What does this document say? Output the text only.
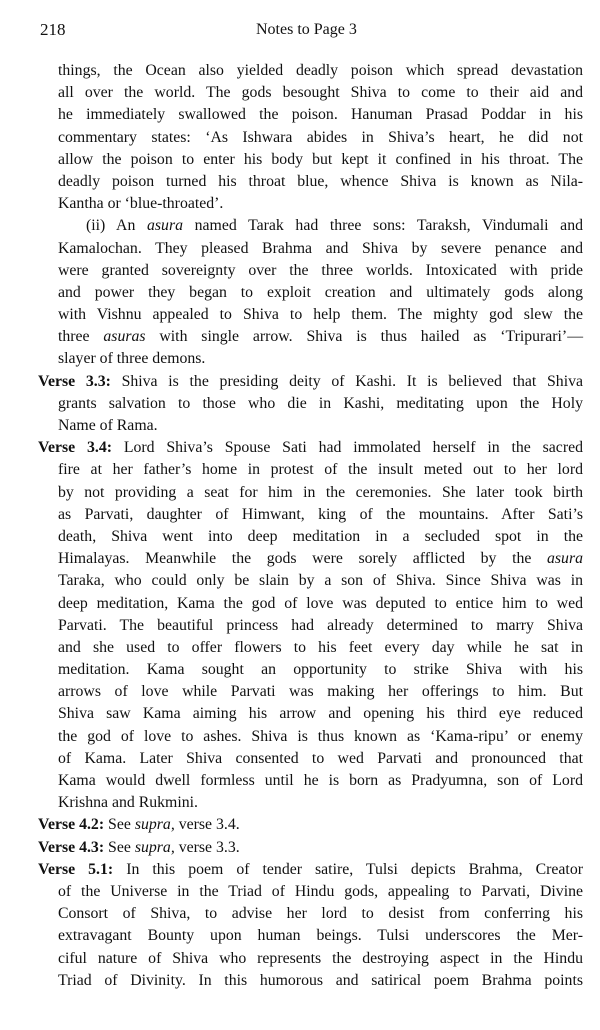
218	Notes to Page 3
things, the Ocean also yielded deadly poison which spread devastation
all over the world. The gods besought Shiva to come to their aid and
he immediately swallowed the poison. Hanuman Prasad Poddar in his
commentary states: ‘As Ishwara abides in Shiva’s heart, he did not
allow the poison to enter his body but kept it confined in his throat. The
deadly poison turned his throat blue, whence Shiva is known as Nila-
Kantha or ‘blue-throated’.
(ii) An asura named Tarak had three sons: Taraksh, Vindumali and
Kamalochan. They pleased Brahma and Shiva by severe penance and
were granted sovereignty over the three worlds. Intoxicated with pride
and power they began to exploit creation and ultimately gods along
with Vishnu appealed to Shiva to help them. The mighty god slew the
three asuras with single arrow. Shiva is thus hailed as ‘Tripurari’—
slayer of three demons.
Verse 3.3: Shiva is the presiding deity of Kashi. It is believed that Shiva
grants salvation to those who die in Kashi, meditating upon the Holy
Name of Rama.
Verse 3.4: Lord Shiva’s Spouse Sati had immolated herself in the sacred
fire at her father’s home in protest of the insult meted out to her lord
by not providing a seat for him in the ceremonies. She later took birth
as Parvati, daughter of Himwant, king of the mountains. After Sati’s
death, Shiva went into deep meditation in a secluded spot in the
Himalayas. Meanwhile the gods were sorely afflicted by the asura
Taraka, who could only be slain by a son of Shiva. Since Shiva was in
deep meditation, Kama the god of love was deputed to entice him to wed
Parvati. The beautiful princess had already determined to marry Shiva
and she used to offer flowers to his feet every day while he sat in
meditation. Kama sought an opportunity to strike Shiva with his
arrows of love while Parvati was making her offerings to him. But
Shiva saw Kama aiming his arrow and opening his third eye reduced
the god of love to ashes. Shiva is thus known as ‘Kama-ripu’ or enemy
of Kama. Later Shiva consented to wed Parvati and pronounced that
Kama would dwell formless until he is born as Pradyumna, son of Lord
Krishna and Rukmini.
Verse 4.2: See supra, verse 3.4.
Verse 4.3: See supra, verse 3.3.
Verse 5.1: In this poem of tender satire, Tulsi depicts Brahma, Creator
of the Universe in the Triad of Hindu gods, appealing to Parvati, Divine
Consort of Shiva, to advise her lord to desist from conferring his
extravagant Bounty upon human beings. Tulsi underscores the Mer-
ciful nature of Shiva who represents the destroying aspect in the Hindu
Triad of Divinity. In this humorous and satirical poem Brahma points
